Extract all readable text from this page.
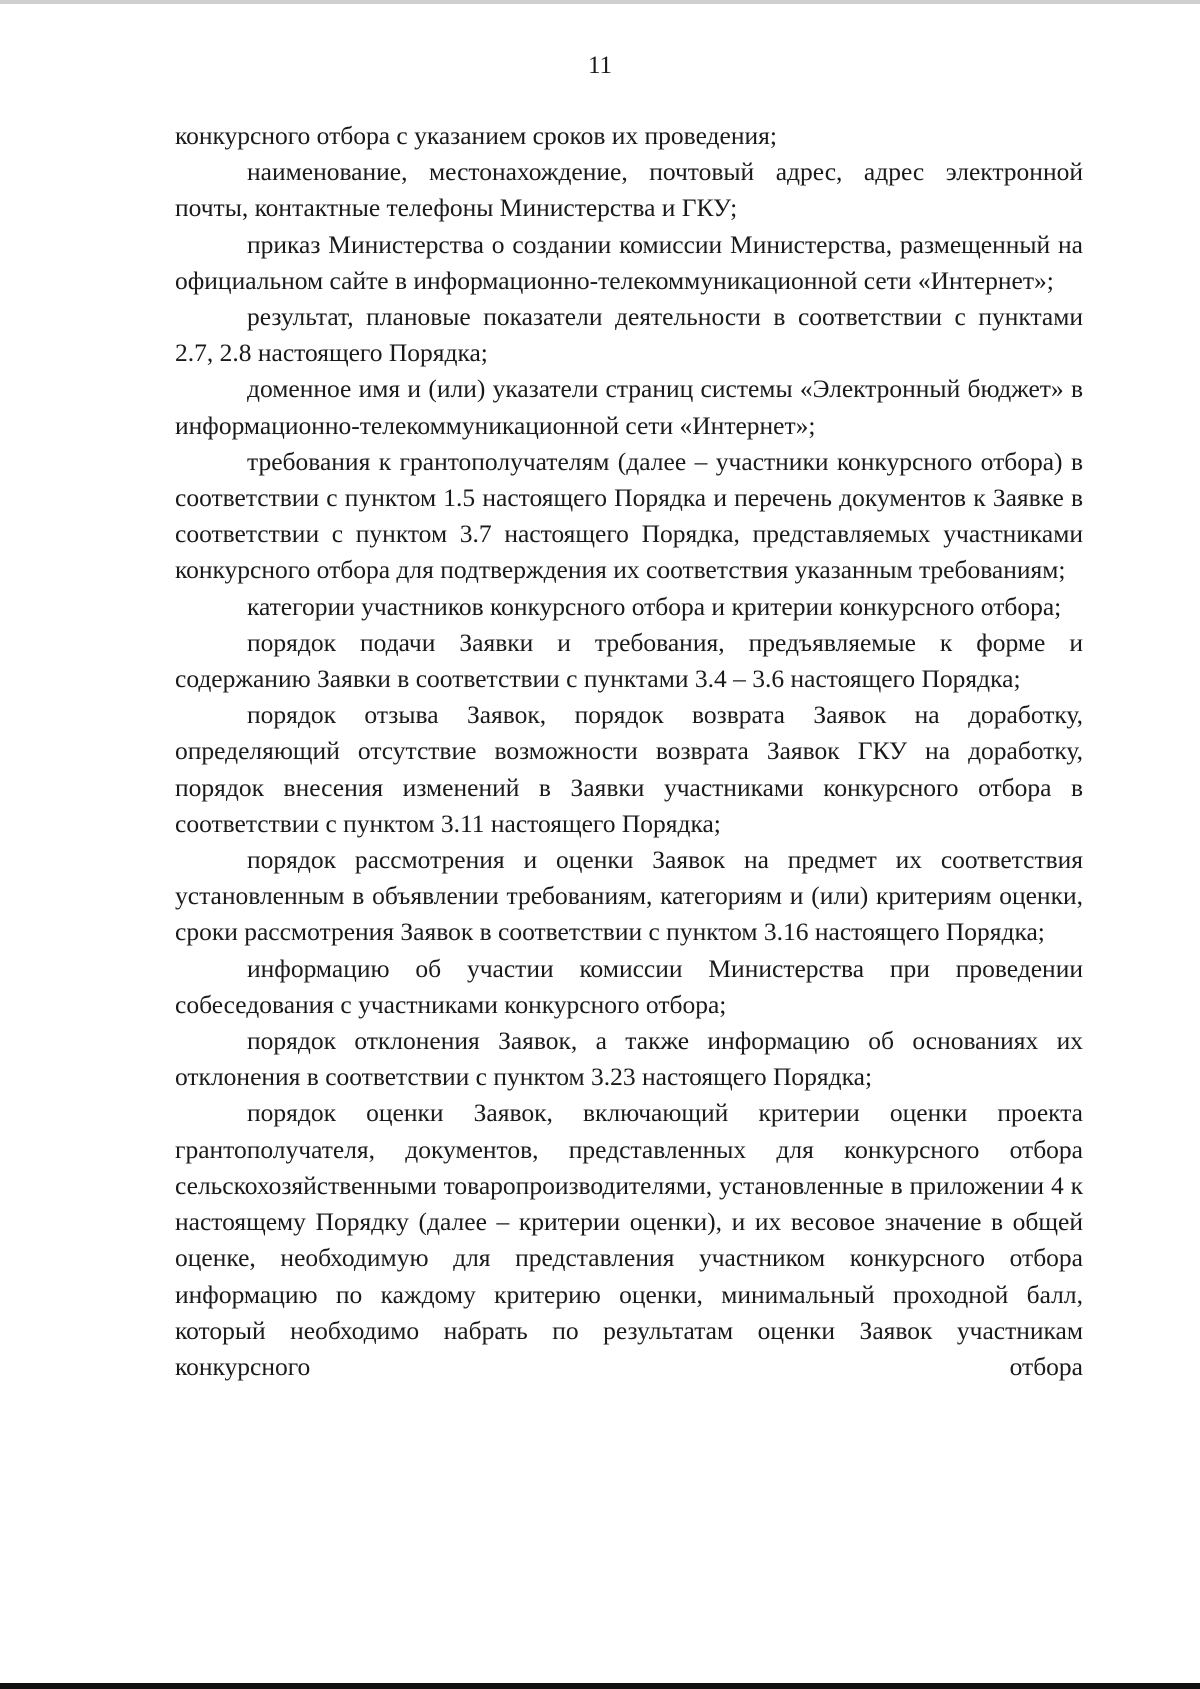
11

конкурсного отбора с указанием сроков их проведения;

наименование, местонахождение, почтовый адрес, адрес электронной почты, контактные телефоны Министерства и ГКУ;

приказ Министерства о создании комиссии Министерства, размещенный на официальном сайте в информационно-телекоммуникационной сети «Интернет»;

результат, плановые показатели деятельности в соответствии с пунктами 2.7, 2.8 настоящего Порядка;

доменное имя и (или) указатели страниц системы «Электронный бюджет» в информационно-телекоммуникационной сети «Интернет»;

требования к грантополучателям (далее – участники конкурсного отбора) в соответствии с пунктом 1.5 настоящего Порядка и перечень документов к Заявке в соответствии с пунктом 3.7 настоящего Порядка, представляемых участниками конкурсного отбора для подтверждения их соответствия указанным требованиям;

категории участников конкурсного отбора и критерии конкурсного отбора;

порядок подачи Заявки и требования, предъявляемые к форме и содержанию Заявки в соответствии с пунктами 3.4 – 3.6 настоящего Порядка;

порядок отзыва Заявок, порядок возврата Заявок на доработку, определяющий отсутствие возможности возврата Заявок ГКУ на доработку, порядок внесения изменений в Заявки участниками конкурсного отбора в соответствии с пунктом 3.11 настоящего Порядка;

порядок рассмотрения и оценки Заявок на предмет их соответствия установленным в объявлении требованиям, категориям и (или) критериям оценки, сроки рассмотрения Заявок в соответствии с пунктом 3.16 настоящего Порядка;

информацию об участии комиссии Министерства при проведении собеседования с участниками конкурсного отбора;

порядок отклонения Заявок, а также информацию об основаниях их отклонения в соответствии с пунктом 3.23 настоящего Порядка;

порядок оценки Заявок, включающий критерии оценки проекта грантополучателя, документов, представленных для конкурсного отбора сельскохозяйственными товаропроизводителями, установленные в приложении 4 к настоящему Порядку (далее – критерии оценки), и их весовое значение в общей оценке, необходимую для представления участником конкурсного отбора информацию по каждому критерию оценки, минимальный проходной балл, который необходимо набрать по результатам оценки Заявок участникам конкурсного отбора
